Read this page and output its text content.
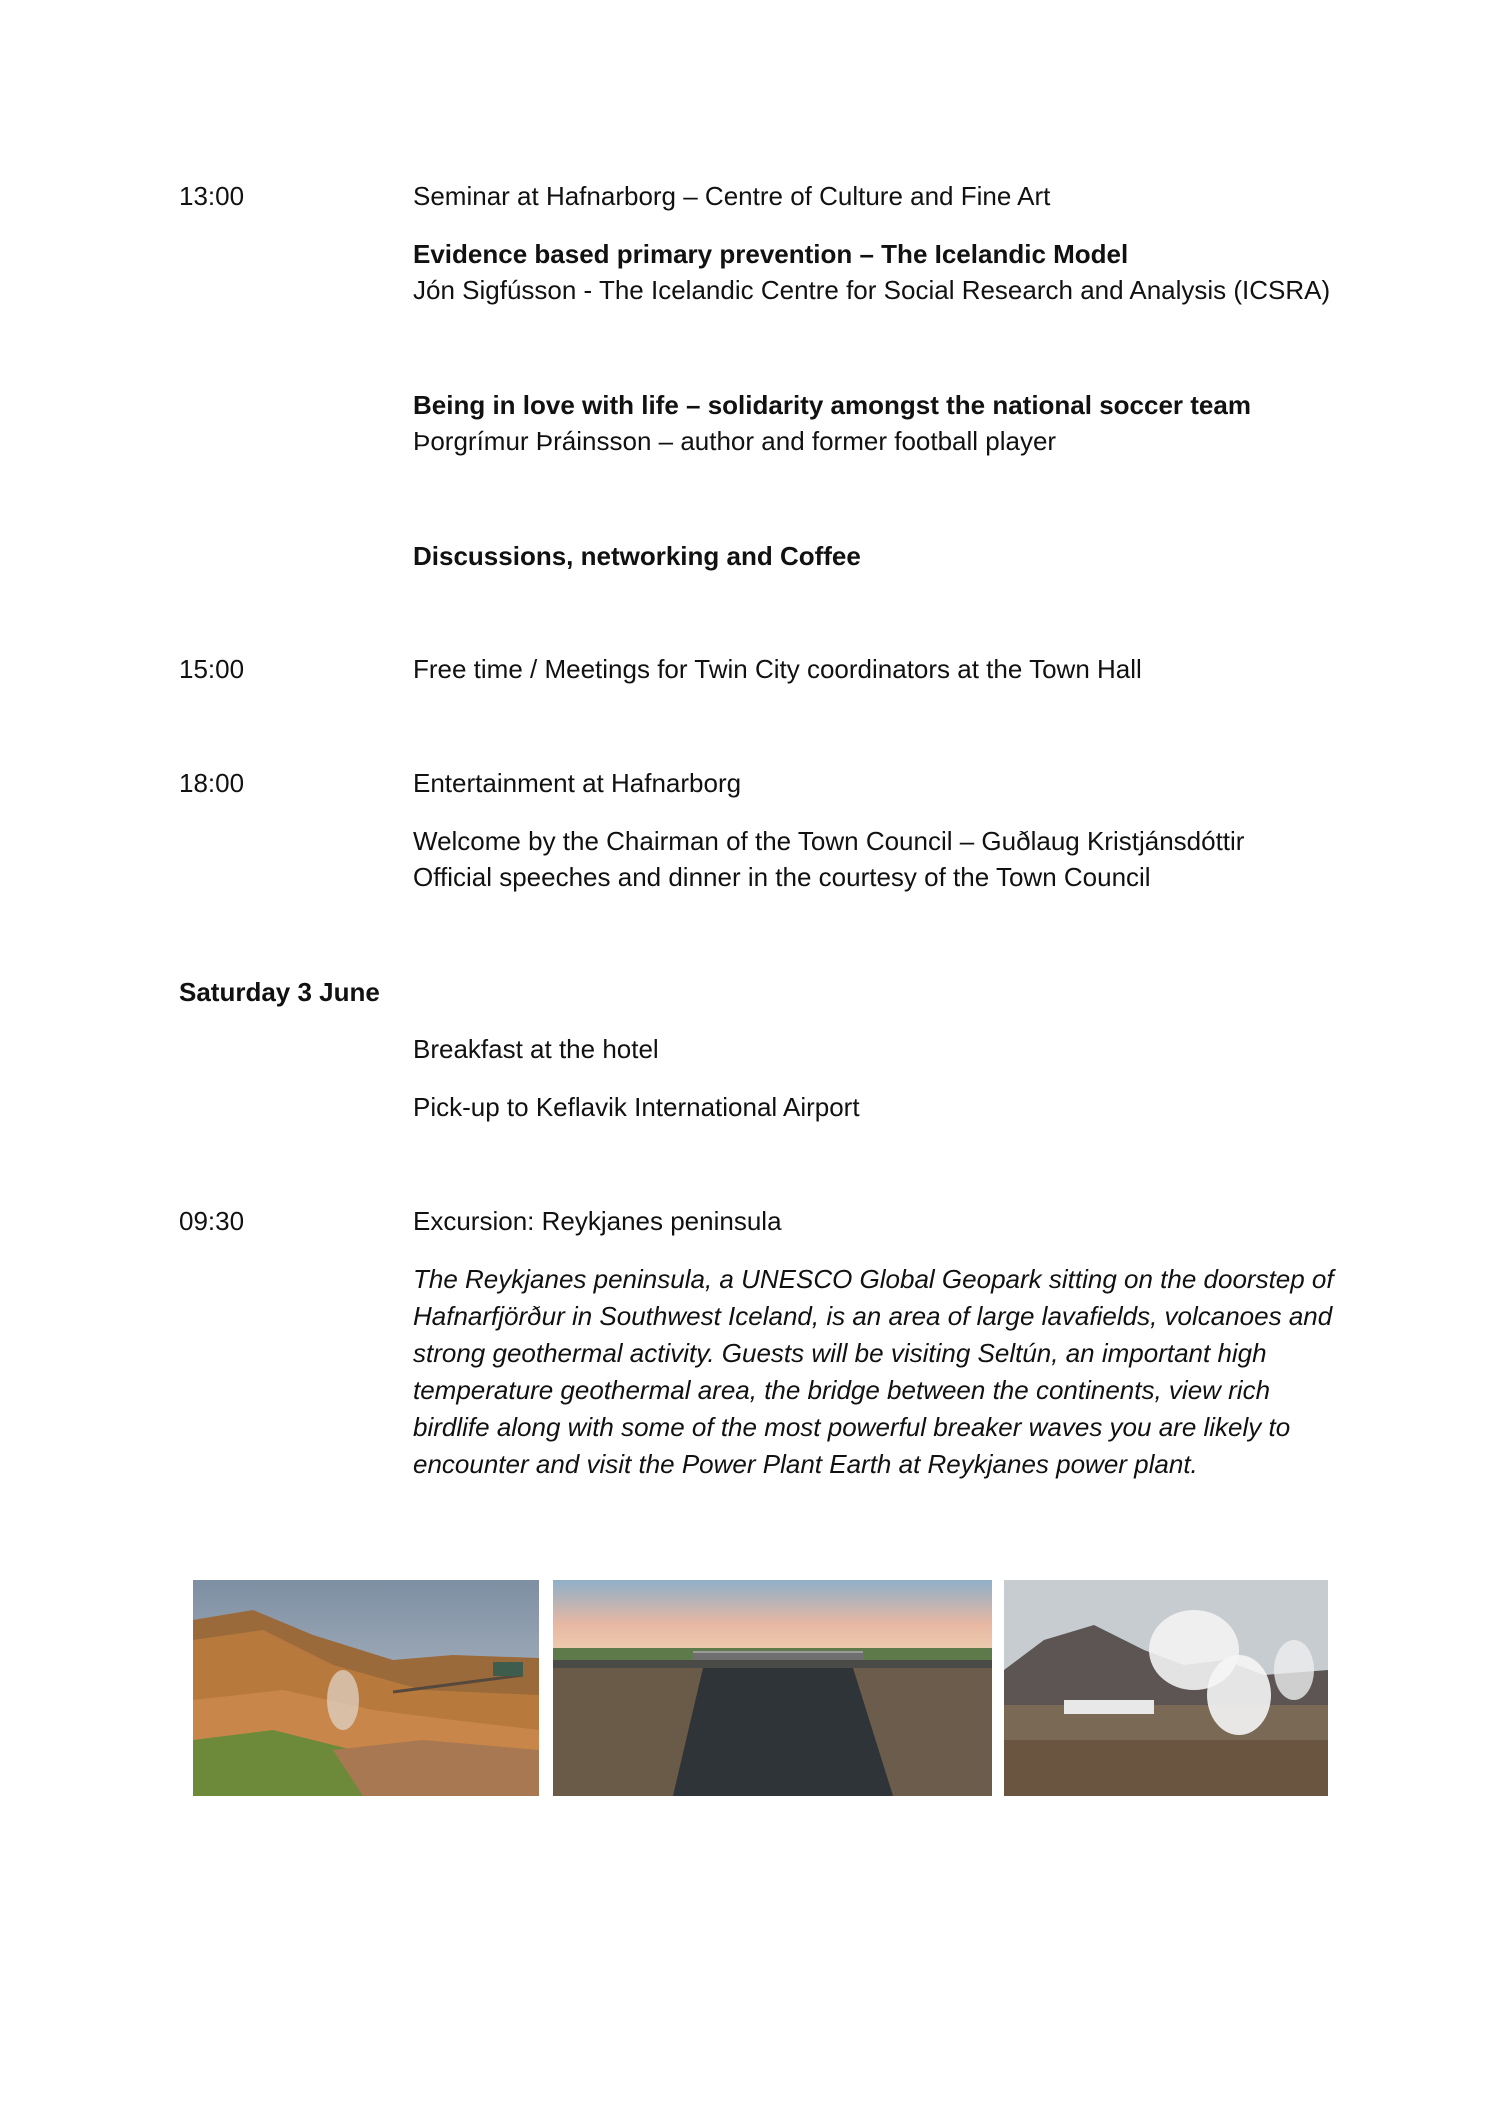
13:00	Seminar at Hafnarborg – Centre of Culture and Fine Art
Evidence based primary prevention – The Icelandic Model
Jón Sigfússon - The Icelandic Centre for Social Research and Analysis (ICSRA)
Being in love with life – solidarity amongst the national soccer team
Þorgrímur Þráinsson – author and former football player
Discussions, networking and Coffee
15:00	Free time / Meetings for Twin City coordinators at the Town Hall
18:00	Entertainment at Hafnarborg
Welcome by the Chairman of the Town Council – Guðlaug Kristjánsdóttir
Official speeches and dinner in the courtesy of the Town Council
Saturday 3 June
Breakfast at the hotel
Pick-up to Keflavik International Airport
09:30	Excursion: Reykjanes peninsula
The Reykjanes peninsula, a UNESCO Global Geopark sitting on the doorstep of
Hafnarfjörður in Southwest Iceland, is an area of large lavafields, volcanoes and
strong geothermal activity. Guests will be visiting Seltún, an important high
temperature geothermal area, the bridge between the continents, view rich
birdlife along with some of the most powerful breaker waves you are likely to
encounter and visit the Power Plant Earth at Reykjanes power plant.
